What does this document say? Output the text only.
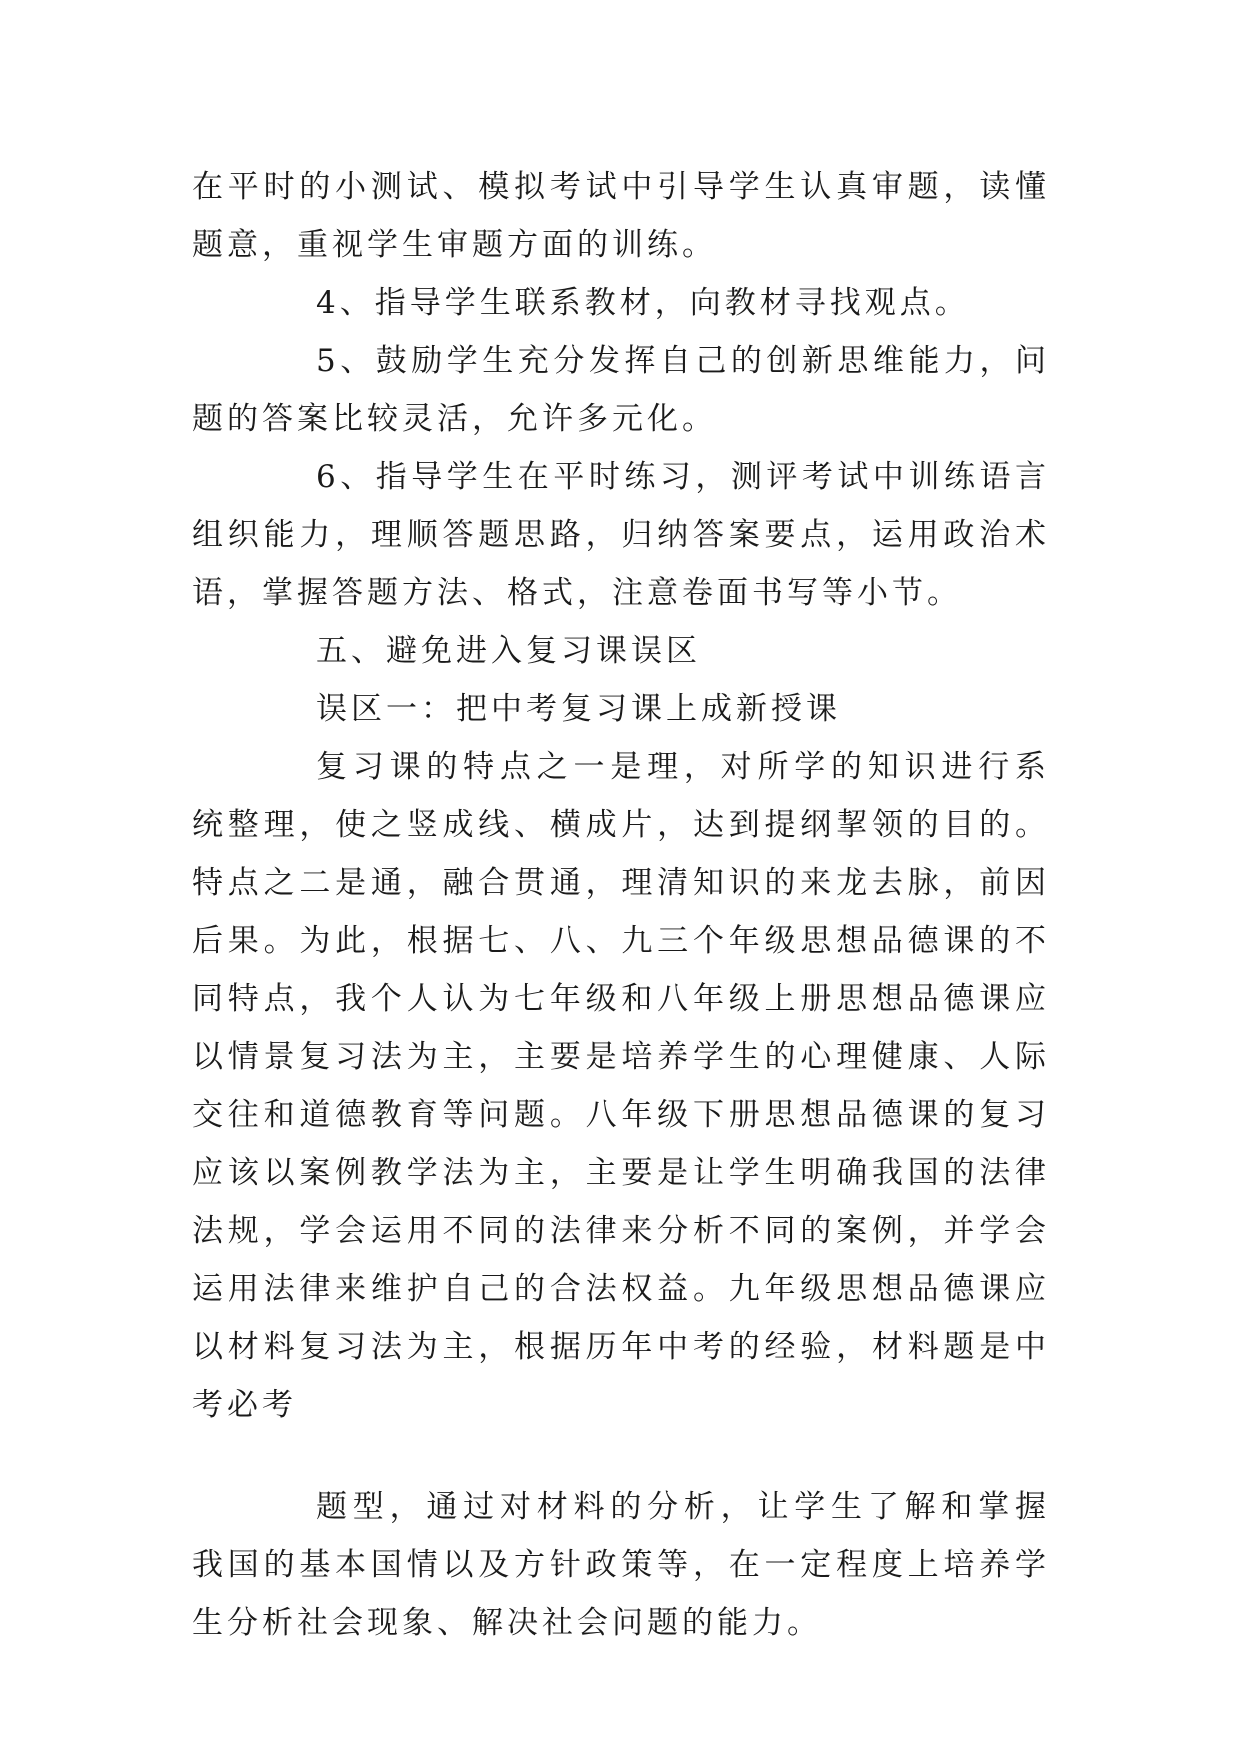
在平时的小测试、模拟考试中引导学生认真审题，读懂题意，重视学生审题方面的训练。

4、指导学生联系教材，向教材寻找观点。

5、鼓励学生充分发挥自己的创新思维能力，问题的答案比较灵活，允许多元化。

6、指导学生在平时练习，测评考试中训练语言组织能力，理顺答题思路，归纳答案要点，运用政治术语，掌握答题方法、格式，注意卷面书写等小节。

五、避免进入复习课误区

误区一：把中考复习课上成新授课

复习课的特点之一是理，对所学的知识进行系统整理，使之竖成线、横成片，达到提纲挈领的目的。特点之二是通，融合贯通，理清知识的来龙去脉，前因后果。为此，根据七、八、九三个年级思想品德课的不同特点，我个人认为七年级和八年级上册思想品德课应以情景复习法为主，主要是培养学生的心理健康、人际交往和道德教育等问题。八年级下册思想品德课的复习应该以案例教学法为主，主要是让学生明确我国的法律法规，学会运用不同的法律来分析不同的案例，并学会运用法律来维护自己的合法权益。九年级思想品德课应以材料复习法为主，根据历年中考的经验，材料题是中考必考

题型，通过对材料的分析，让学生了解和掌握我国的基本国情以及方针政策等，在一定程度上培养学生分析社会现象、解决社会问题的能力。
